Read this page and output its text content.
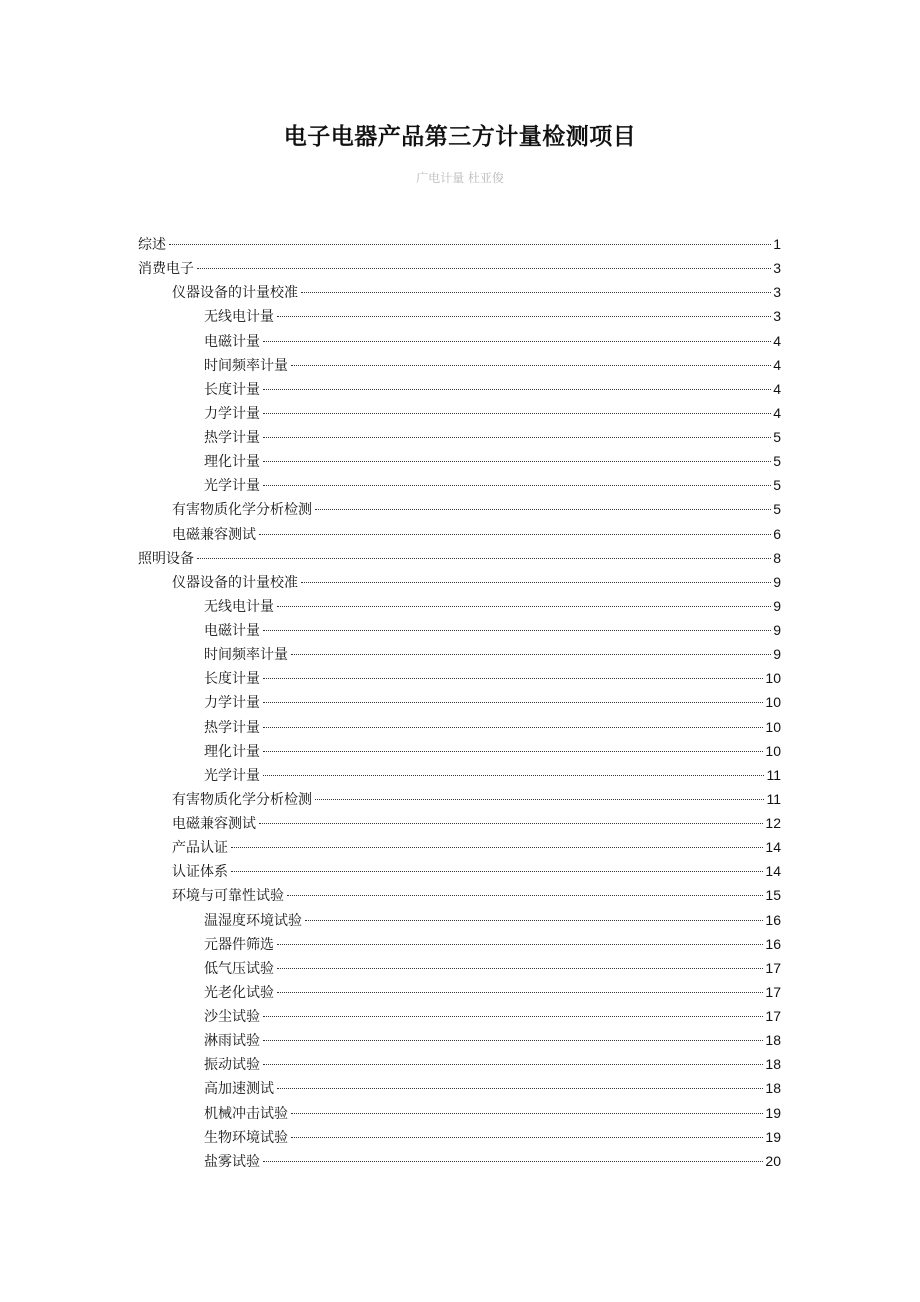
电子电器产品第三方计量检测项目
广电计量 杜亚俊
综述	1
消费电子	3
仪器设备的计量校准	3
无线电计量	3
电磁计量	4
时间频率计量	4
长度计量	4
力学计量	4
热学计量	5
理化计量	5
光学计量	5
有害物质化学分析检测	5
电磁兼容测试	6
照明设备	8
仪器设备的计量校准	9
无线电计量	9
电磁计量	9
时间频率计量	9
长度计量	10
力学计量	10
热学计量	10
理化计量	10
光学计量	11
有害物质化学分析检测	11
电磁兼容测试	12
产品认证	14
认证体系	14
环境与可靠性试验	15
温湿度环境试验	16
元器件筛选	16
低气压试验	17
光老化试验	17
沙尘试验	17
淋雨试验	18
振动试验	18
高加速测试	18
机械冲击试验	19
生物环境试验	19
盐雾试验	20
